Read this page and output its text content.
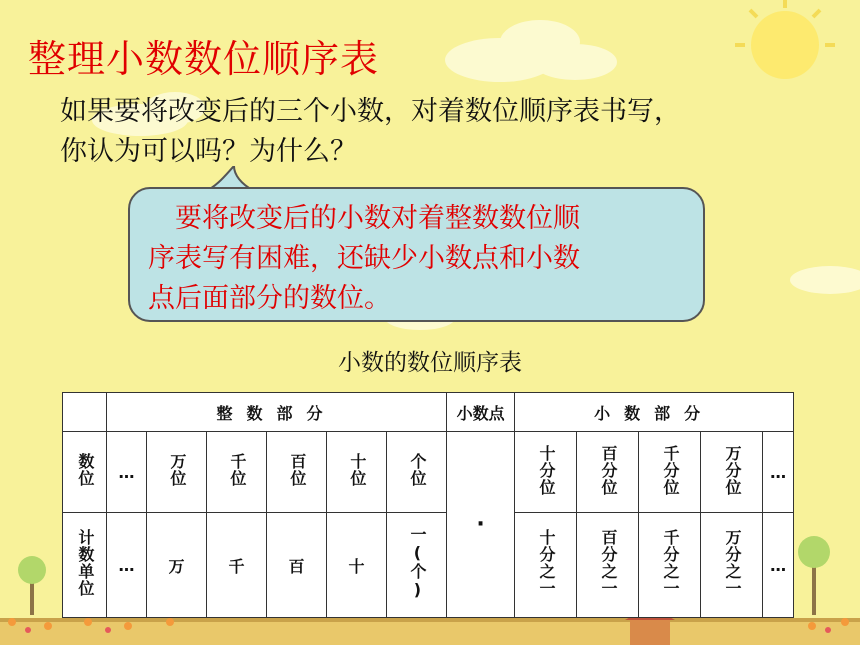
整理小数数位顺序表
如果要将改变后的三个小数，对着数位顺序表书写，
你认为可以吗？为什么？
　要将改变后的小数对着整数数位顺
序表写有困难，还缺少小数点和小数
点后面部分的数位。
小数的数位顺序表
	整数部分						小数点	小数部分				
数位	…	万位	千位	百位	十位	个位	·	十分位	百分位	千分位	万分位	…
计数单位	…	万	千	百	十	一(个)		十分之一	百分之一	千分之一	万分之一	…
